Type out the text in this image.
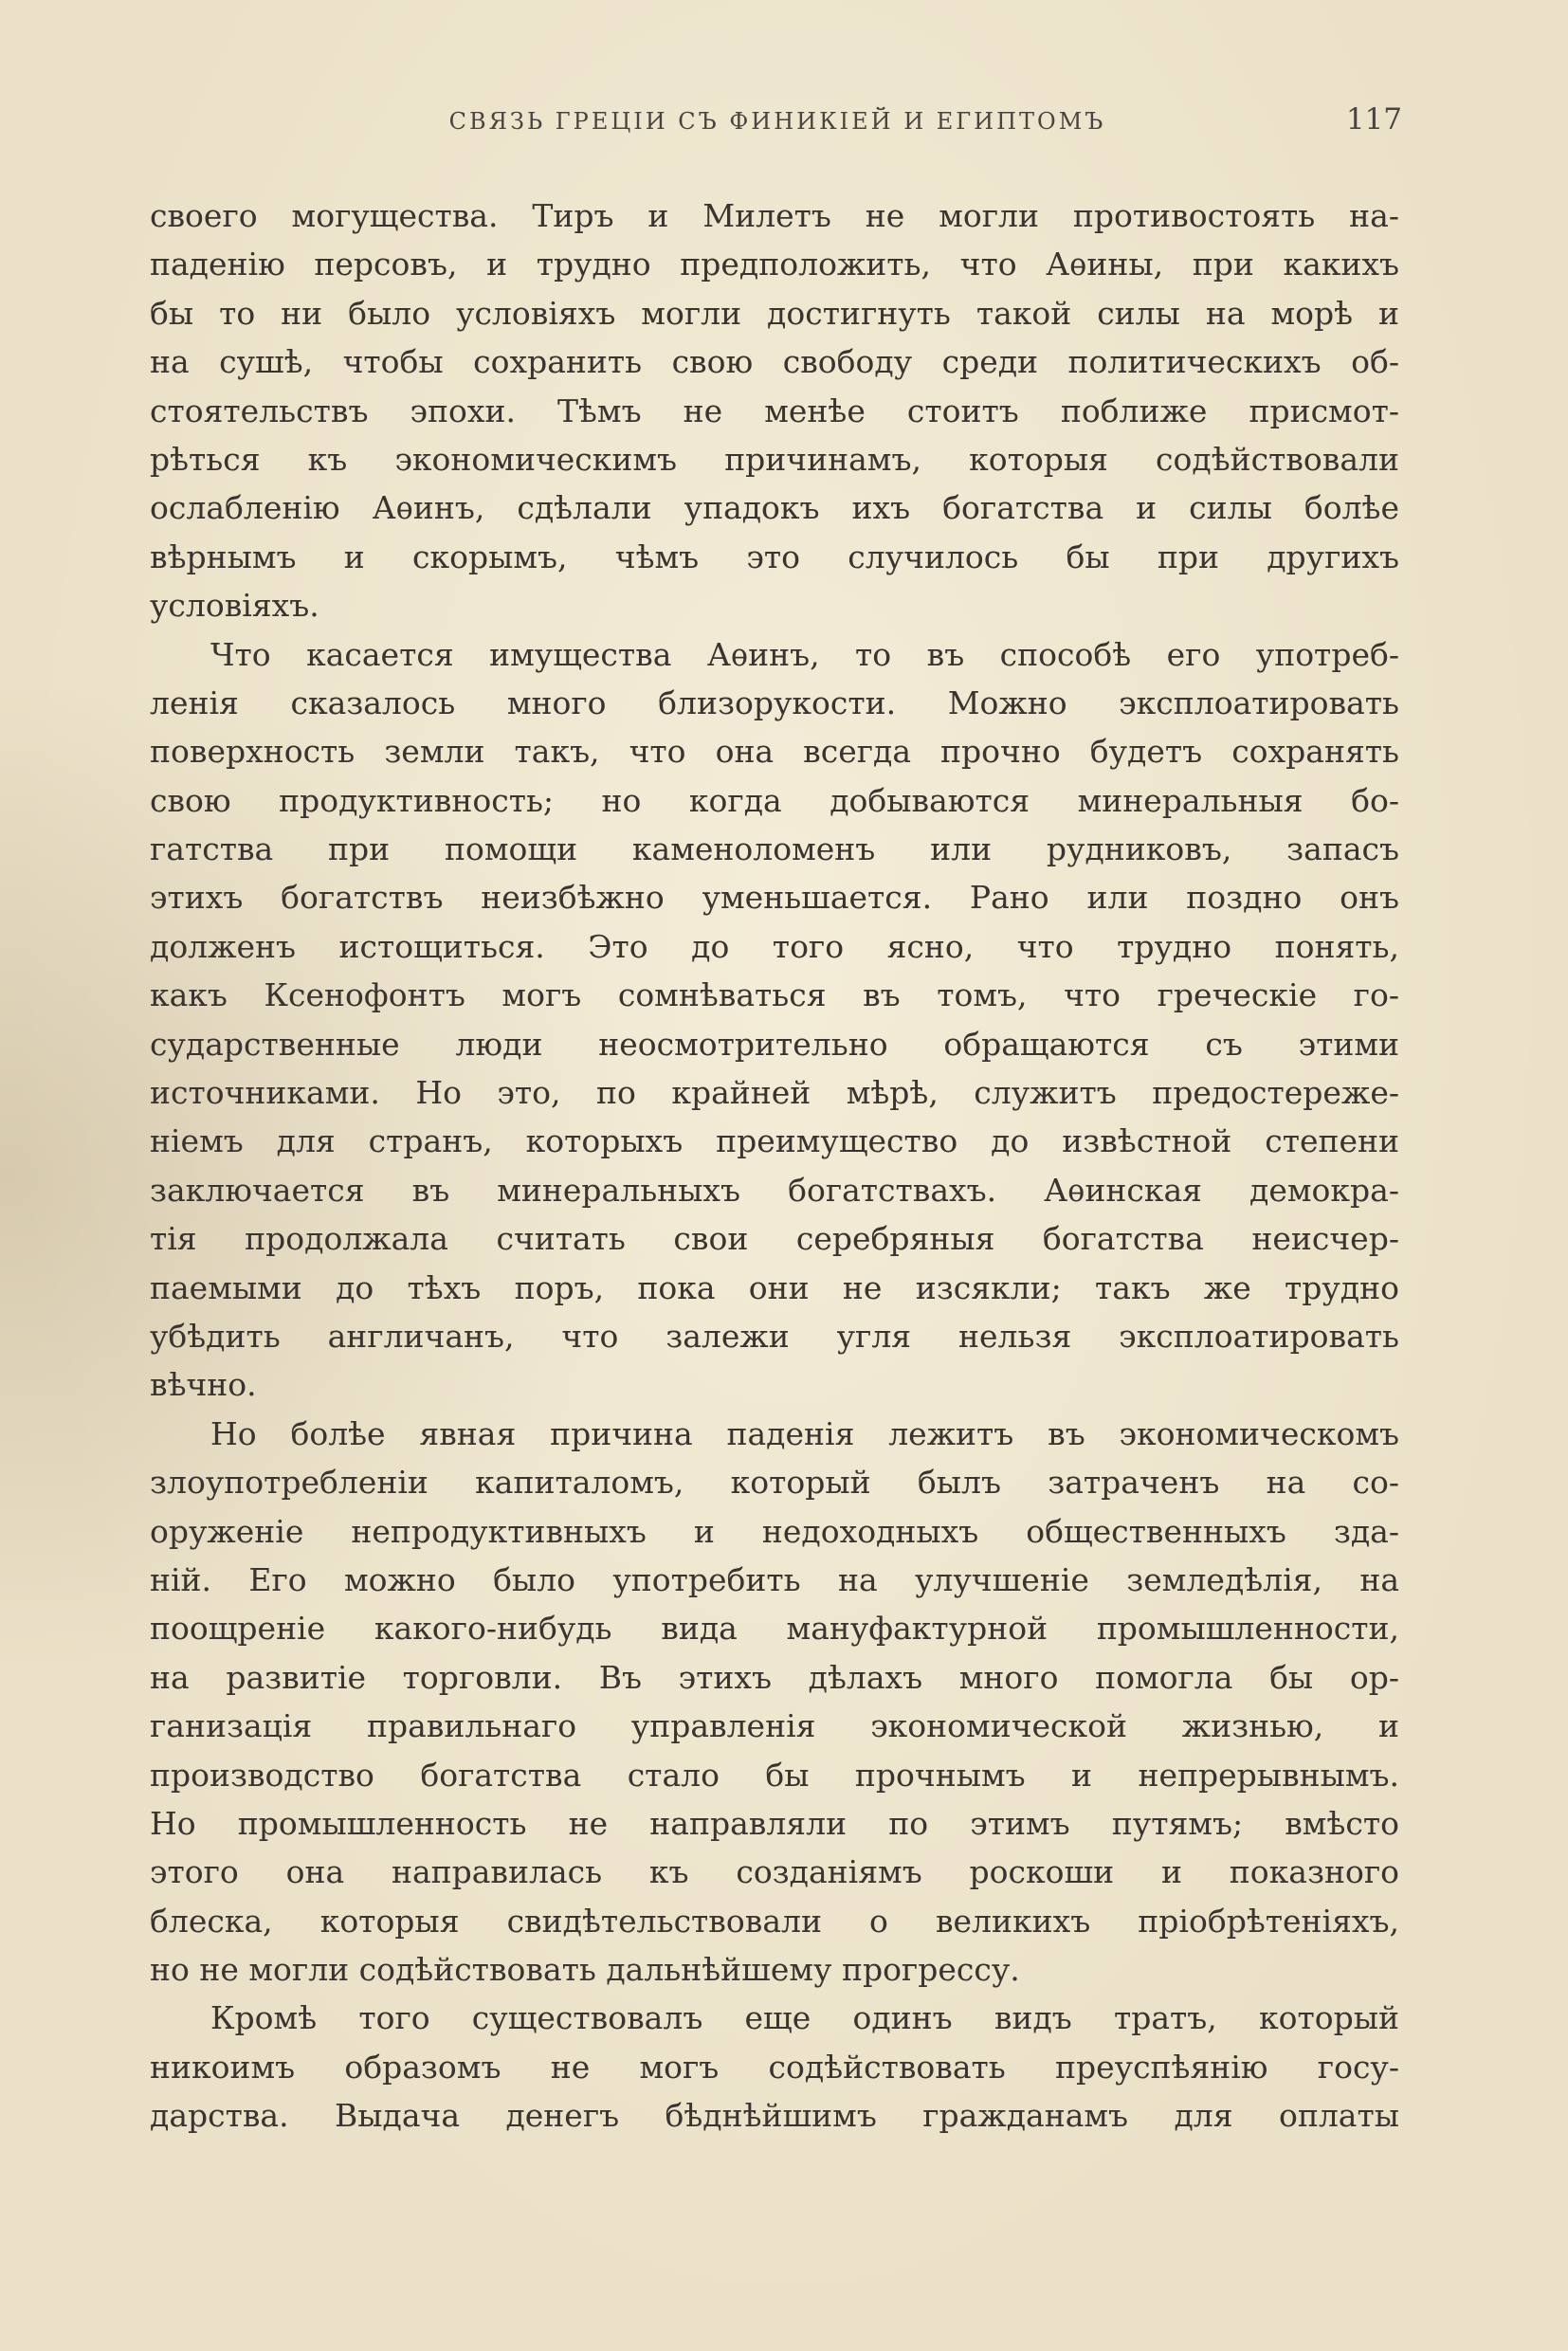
СВЯЗЬ ГРЕЦІИ СЪ ФИНИКІЕЙ И ЕГИПТОМЪ	117
своего могущества. Тиръ и Милетъ не могли противостоять на-
паденію персовъ, и трудно предположить, что Аѳины, при какихъ
бы то ни было условіяхъ могли достигнуть такой силы на морѣ и
на сушѣ, чтобы сохранить свою свободу среди политическихъ об-
стоятельствъ эпохи. Тѣмъ не менѣе стоитъ поближе присмот-
рѣться къ экономическимъ причинамъ, которыя содѣйствовали
ослабленію Аѳинъ, сдѣлали упадокъ ихъ богатства и силы болѣе
вѣрнымъ и скорымъ, чѣмъ это случилось бы при другихъ
условіяхъ.
Что касается имущества Аѳинъ, то въ способѣ его употреб-
ленія сказалось много близорукости. Можно эксплоатировать
поверхность земли такъ, что она всегда прочно будетъ сохранять
свою продуктивность; но когда добываются минеральныя бо-
гатства при помощи каменоломенъ или рудниковъ, запасъ
этихъ богатствъ неизбѣжно уменьшается. Рано или поздно онъ
долженъ истощиться. Это до того ясно, что трудно понять,
какъ Ксенофонтъ могъ сомнѣваться въ томъ, что греческіе го-
сударственные люди неосмотрительно обращаются съ этими
источниками. Но это, по крайней мѣрѣ, служитъ предостереже-
ніемъ для странъ, которыхъ преимущество до извѣстной степени
заключается въ минеральныхъ богатствахъ. Аѳинская демокра-
тія продолжала считать свои серебряныя богатства неисчер-
паемыми до тѣхъ поръ, пока они не изсякли; такъ же трудно
убѣдить англичанъ, что залежи угля нельзя эксплоатировать
вѣчно.
Но болѣе явная причина паденія лежитъ въ экономическомъ
злоупотребленіи капиталомъ, который былъ затраченъ на со-
оруженіе непродуктивныхъ и недоходныхъ общественныхъ зда-
ній. Его можно было употребить на улучшеніе земледѣлія, на
поощреніе какого-нибудь вида мануфактурной промышленности,
на развитіе торговли. Въ этихъ дѣлахъ много помогла бы ор-
ганизація правильнаго управленія экономической жизнью, и
производство богатства стало бы прочнымъ и непрерывнымъ.
Но промышленность не направляли по этимъ путямъ; вмѣсто
этого она направилась къ созданіямъ роскоши и показного
блеска, которыя свидѣтельствовали о великихъ пріобрѣтеніяхъ,
но не могли содѣйствовать дальнѣйшему прогрессу.
Кромѣ того существовалъ еще одинъ видъ тратъ, который
никоимъ образомъ не могъ содѣйствовать преуспѣянію госу-
дарства. Выдача денегъ бѣднѣйшимъ гражданамъ для оплаты
